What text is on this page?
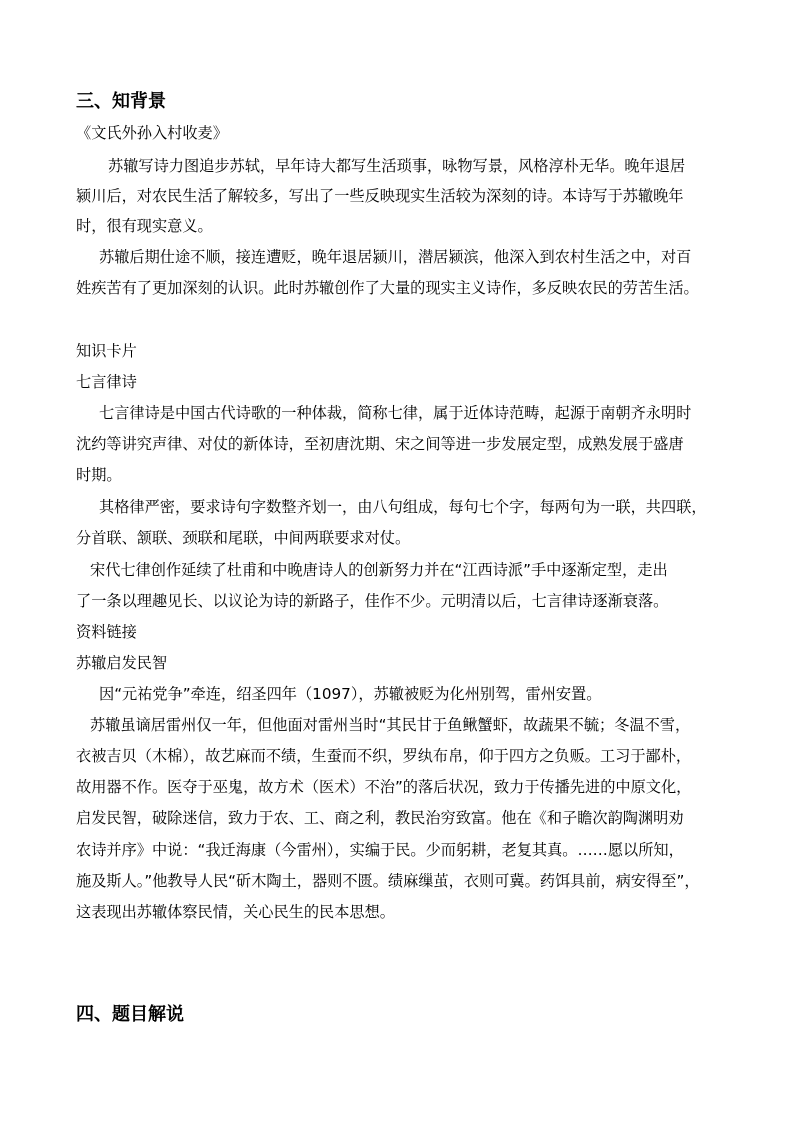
三、知背景
《文氏外孙入村收麦》
苏辙写诗力图追步苏轼，早年诗大都写生活琐事，咏物写景，风格淳朴无华。晚年退居
颍川后，对农民生活了解较多，写出了一些反映现实生活较为深刻的诗。本诗写于苏辙晚年
时，很有现实意义。
苏辙后期仕途不顺，接连遭贬，晚年退居颍川，潜居颍滨，他深入到农村生活之中，对百
姓疾苦有了更加深刻的认识。此时苏辙创作了大量的现实主义诗作，多反映农民的劳苦生活。
知识卡片
七言律诗
七言律诗是中国古代诗歌的一种体裁，简称七律，属于近体诗范畴，起源于南朝齐永明时
沈约等讲究声律、对仗的新体诗，至初唐沈期、宋之间等进一步发展定型，成熟发展于盛唐
时期。
其格律严密，要求诗句字数整齐划一，由八句组成，每句七个字，每两句为一联，共四联，
分首联、颔联、颈联和尾联，中间两联要求对仗。
宋代七律创作延续了杜甫和中晚唐诗人的创新努力并在“江西诗派”手中逐渐定型，走出
了一条以理趣见长、以议论为诗的新路子，佳作不少。元明清以后，七言律诗逐渐衰落。
资料链接
苏辙启发民智
因“元祐党争”牵连，绍圣四年（1097），苏辙被贬为化州别驾，雷州安置。
苏辙虽谪居雷州仅一年，但他面对雷州当时“其民甘于鱼鳅蟹虾，故蔬果不毓；冬温不雪，
衣被吉贝（木棉），故艺麻而不绩，生蚕而不织，罗纨布帛，仰于四方之负贩。工习于鄙朴，
故用器不作。医夺于巫鬼，故方术（医术）不治”的落后状况，致力于传播先进的中原文化，
启发民智，破除迷信，致力于农、工、商之利，教民治穷致富。他在《和子瞻次韵陶渊明劝
农诗并序》中说：“我迁海康（今雷州），实编于民。少而躬耕，老复其真。……愿以所知，
施及斯人。”他教导人民“斫木陶土，器则不匮。绩麻缫茧，衣则可冀。药饵具前，病安得至”，
这表现出苏辙体察民情，关心民生的民本思想。
四、题目解说
